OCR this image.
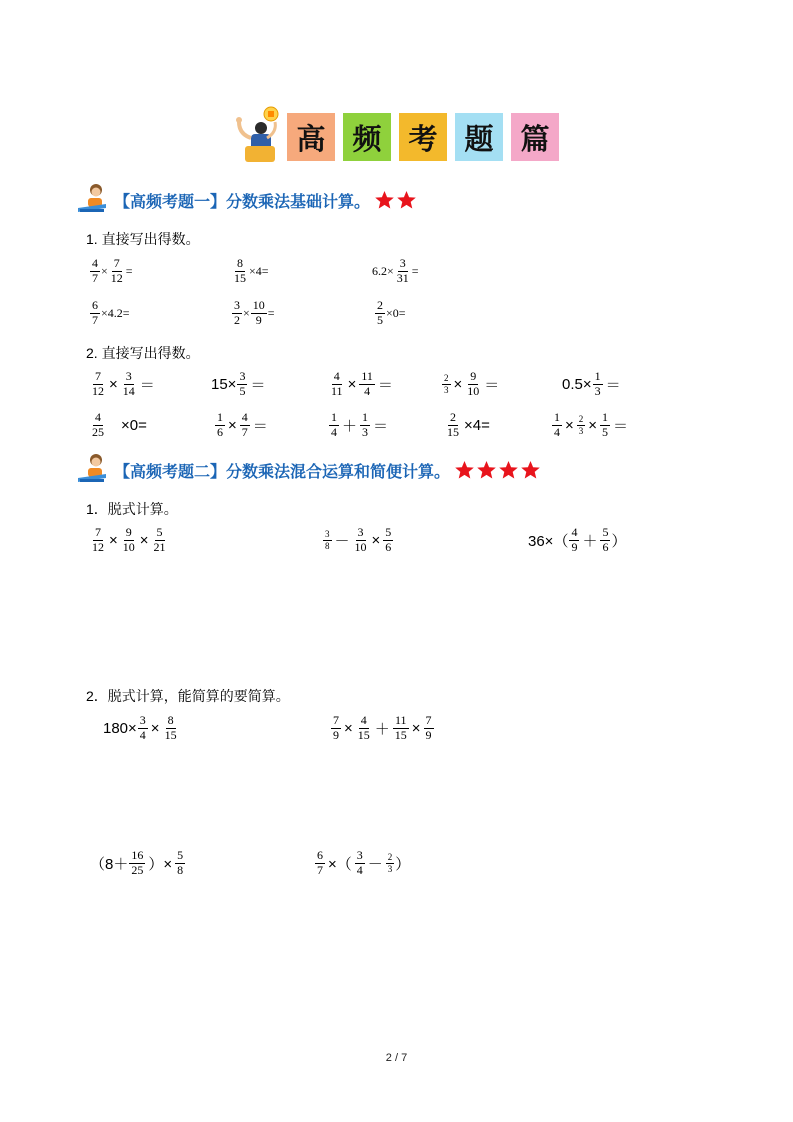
高 频 考 题 篇
【高频考题一】分数乘法基础计算。
1. 直接写出得数。
$\frac{4}{7} \times \frac{7}{12}$ =	$\frac{8}{15} \times 4$ =	$6.2\times \frac{3}{31}$ =
$\frac{6}{7} \times 4.2$ =	$\frac{3}{2} \times \frac{10}{9}$ =	$\frac{2}{5} \times 0$ =
2. 直接写出得数。
$\frac{7}{12} \times \frac{3}{14}$ ＝	$15\times \frac{3}{5}$ ＝	$\frac{4}{11} \times \frac{11}{4}$ ＝	$\frac{2}{3} \times \frac{9}{10}$ ＝	$0.5\times \frac{1}{3}$ ＝
$\frac{4}{25} \times 0=$	$\frac{1}{6} \times \frac{4}{7}$ ＝	$\frac{1}{4} + \frac{1}{3}$ ＝	$\frac{2}{15} \times 4=$	$\frac{1}{4} \times \frac{2}{3} \times \frac{1}{5}$ ＝
【高频考题二】分数乘法混合运算和简便计算。
1．脱式计算。
$\frac{7}{12} \times \frac{9}{10} \times \frac{5}{21}$	$\frac{3}{8} - \frac{3}{10} \times \frac{5}{6}$	$36\times( \frac{4}{9} + \frac{5}{6}$ ）
2．脱式计算，能简算的要简算。
$180\times \frac{3}{4} \times \frac{8}{15}$	$\frac{7}{9} \times \frac{4}{15} + \frac{11}{15} \times \frac{7}{9}$
（$8+ \frac{16}{25}$ ）× $\frac{5}{8}$	$\frac{6}{7}$ ×（ $\frac{3}{4} - \frac{2}{3}$ ）
2 / 7
